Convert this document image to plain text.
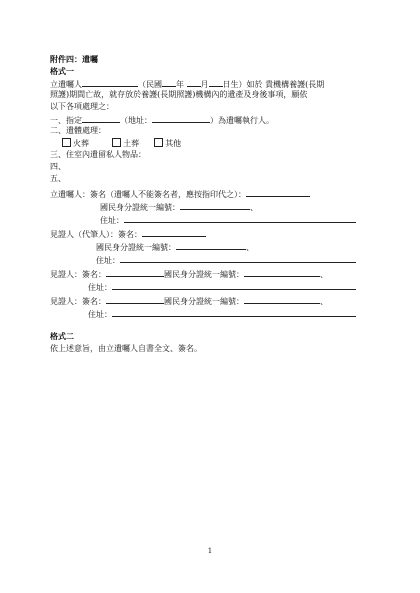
附件四：遺囑
格式一
立遺囑人	（民國 年 月 日生）如於 貴機構養護(長期
照護)期間亡故，就存放於養護(長期照護)機構內的遺產及身後事項，願依
以下各項處理之：
一、指定	（地址：	）為遺囑執行人。
二、遺體處理：
火葬	土葬	其他
三、住室內遺留私人物品：
四、
五、
立遺囑人：簽名（遺囑人不能簽名者，應按指印代之）：
國民身分證統一編號：	、
住址：
見證人（代筆人）：簽名：
國民身分證統一編號：	、
住址：
見證人：簽名：	國民身分證統一編號：	、
住址：
見證人：簽名：	國民身分證統一編號：	、
住址：
格式二
依上述意旨，由立遺囑人自書全文、簽名。
1
